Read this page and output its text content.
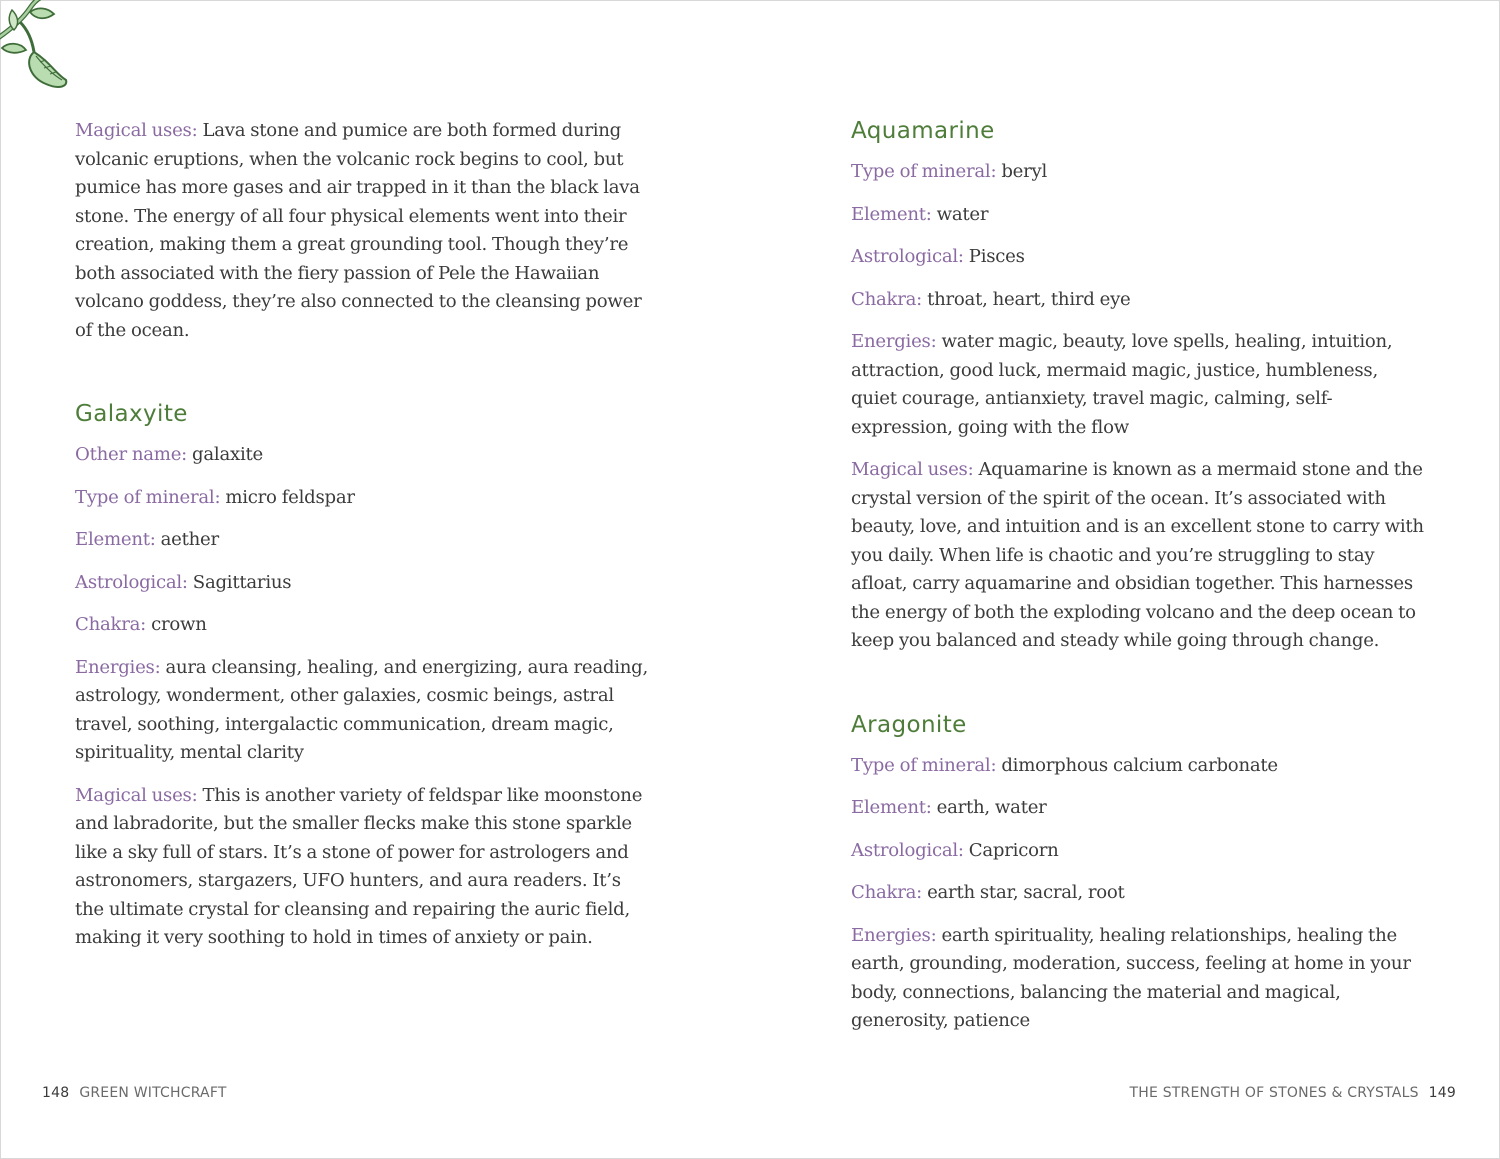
Magical uses: Lava stone and pumice are both formed during volcanic eruptions, when the volcanic rock begins to cool, but pumice has more gases and air trapped in it than the black lava stone. The energy of all four physical elements went into their creation, making them a great grounding tool. Though they’re both associated with the fiery passion of Pele the Hawaiian volcano goddess, they’re also connected to the cleansing power of the ocean.

Galaxyite

Other name: galaxite

Type of mineral: micro feldspar

Element: aether

Astrological: Sagittarius

Chakra: crown

Energies: aura cleansing, healing, and energizing, aura reading, astrology, wonderment, other galaxies, cosmic beings, astral travel, soothing, intergalactic communication, dream magic, spirituality, mental clarity

Magical uses: This is another variety of feldspar like moonstone and labradorite, but the smaller flecks make this stone sparkle like a sky full of stars. It’s a stone of power for astrologers and astronomers, stargazers, UFO hunters, and aura readers. It’s the ultimate crystal for cleansing and repairing the auric field, making it very soothing to hold in times of anxiety or pain.

Aquamarine

Type of mineral: beryl

Element: water

Astrological: Pisces

Chakra: throat, heart, third eye

Energies: water magic, beauty, love spells, healing, intuition, attraction, good luck, mermaid magic, justice, humbleness, quiet courage, antianxiety, travel magic, calming, self-expression, going with the flow

Magical uses: Aquamarine is known as a mermaid stone and the crystal version of the spirit of the ocean. It’s associated with beauty, love, and intuition and is an excellent stone to carry with you daily. When life is chaotic and you’re struggling to stay afloat, carry aquamarine and obsidian together. This harnesses the energy of both the exploding volcano and the deep ocean to keep you balanced and steady while going through change.

Aragonite

Type of mineral: dimorphous calcium carbonate

Element: earth, water

Astrological: Capricorn

Chakra: earth star, sacral, root

Energies: earth spirituality, healing relationships, healing the earth, grounding, moderation, success, feeling at home in your body, connections, balancing the material and magical, generosity, patience

148 GREEN WITCHCRAFT	THE STRENGTH OF STONES & CRYSTALS 149
